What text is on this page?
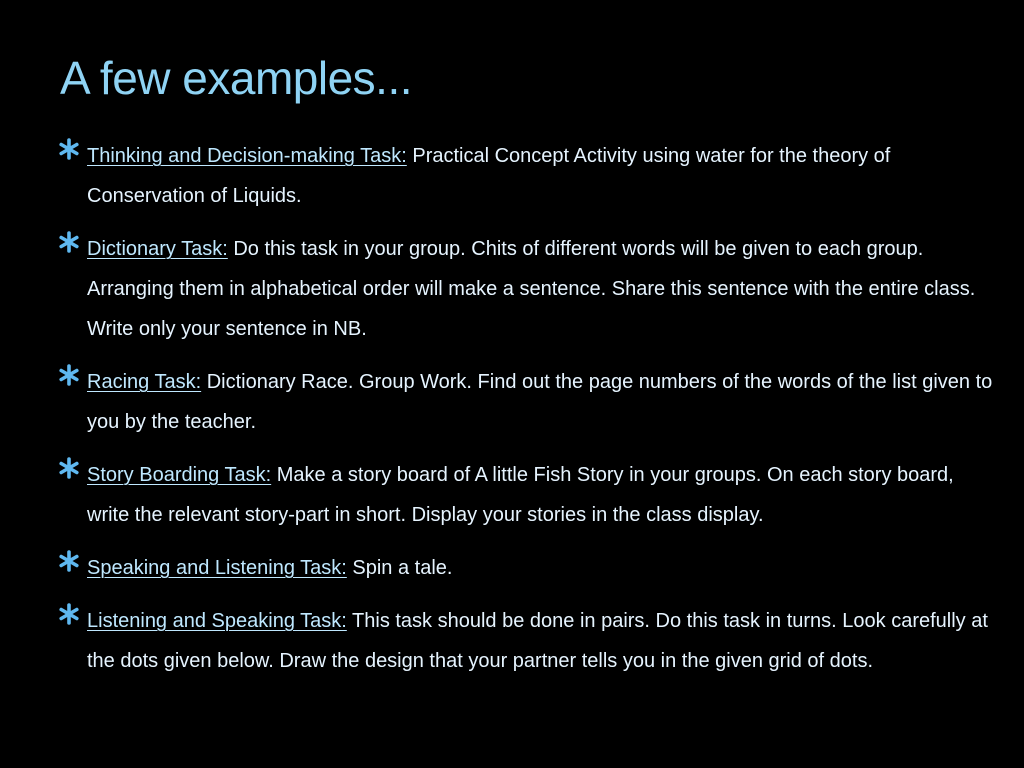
A few examples...
Thinking and Decision-making Task: Practical Concept Activity using water for the theory of Conservation of Liquids.
Dictionary Task: Do this task in your group. Chits of different words will be given to each group. Arranging them in alphabetical order will make a sentence. Share this sentence with the entire class. Write only your sentence in NB.
Racing Task: Dictionary Race. Group Work. Find out the page numbers of the words of the list given to you by the teacher.
Story Boarding Task: Make a story board of A little Fish Story in your groups. On each story board, write the relevant story-part in short. Display your stories in the class display.
Speaking and Listening Task: Spin a tale.
Listening and Speaking Task: This task should be done in pairs. Do this task in turns. Look carefully at the dots given below. Draw the design that your partner tells you in the given grid of dots.
